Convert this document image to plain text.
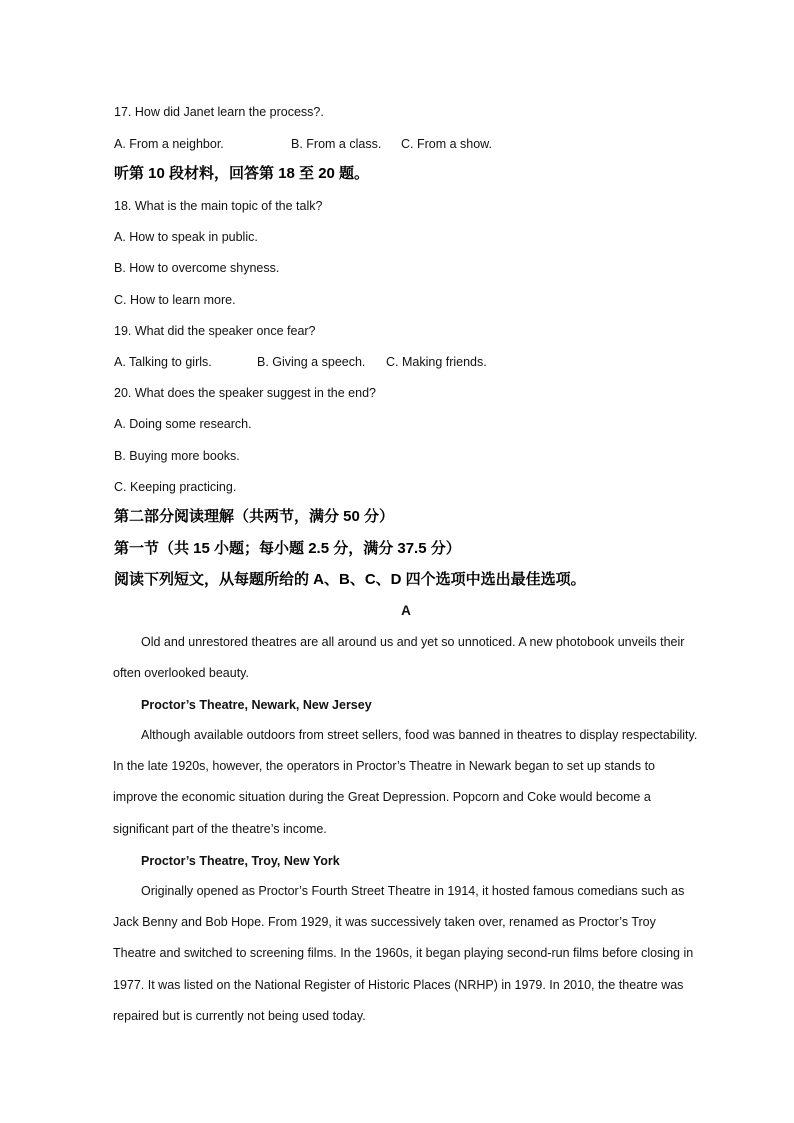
17. How did Janet learn the process?.
A. From a neighbor.	B. From a class. C. From a show.
听第 10 段材料，回答第 18 至 20 题。
18. What is the main topic of the talk?
A. How to speak in public.
B. How to overcome shyness.
C. How to learn more.
19. What did the speaker once fear?
A. Talking to girls.	B. Giving a speech. C. Making friends.
20. What does the speaker suggest in the end?
A. Doing some research.
B. Buying more books.
C. Keeping practicing.
第二部分阅读理解（共两节，满分 50 分）
第一节（共 15 小题；每小题 2.5 分，满分 37.5 分）
阅读下列短文，从每题所给的 A、B、C、D 四个选项中选出最佳选项。
A

Old and unrestored theatres are all around us and yet so unnoticed. A new photobook unveils their often overlooked beauty.

Proctor’s Theatre, Newark, New Jersey

Although available outdoors from street sellers, food was banned in theatres to display respectability. In the late 1920s, however, the operators in Proctor’s Theatre in Newark began to set up stands to improve the economic situation during the Great Depression. Popcorn and Coke would become a significant part of the theatre’s income.

Proctor’s Theatre, Troy, New York

Originally opened as Proctor’s Fourth Street Theatre in 1914, it hosted famous comedians such as Jack Benny and Bob Hope. From 1929, it was successively taken over, renamed as Proctor’s Troy Theatre and switched to screening films. In the 1960s, it began playing second-run films before closing in 1977. It was listed on the National Register of Historic Places (NRHP) in 1979. In 2010, the theatre was repaired but is currently not being used today.
